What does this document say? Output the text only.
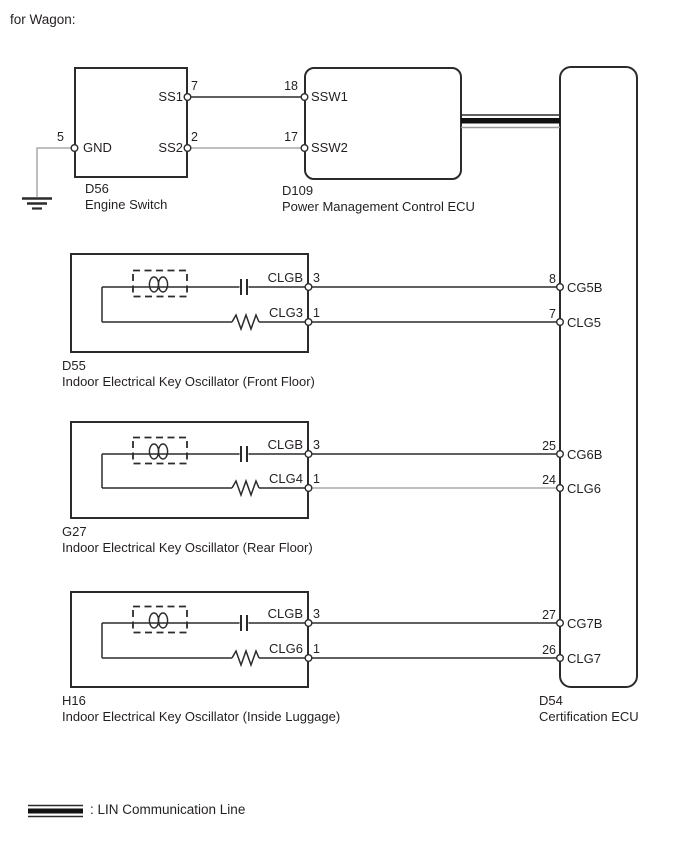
for Wagon:
SS1
7
SS2
2
GND
5
D56
Engine Switch
18
SSW1
17
SSW2
D109
Power Management Control ECU
CLGB 3
CLG3 1
D55
Indoor Electrical Key Oscillator (Front Floor)
CLGB 3
CLG4 1
G27
Indoor Electrical Key Oscillator (Rear Floor)
CLGB 3
CLG6 1
H16
Indoor Electrical Key Oscillator (Inside Luggage)
8
CG5B
7
CLG5
25
CG6B
24
CLG6
27
CG7B
26
CLG7
D54
Certification ECU
: LIN Communication Line
